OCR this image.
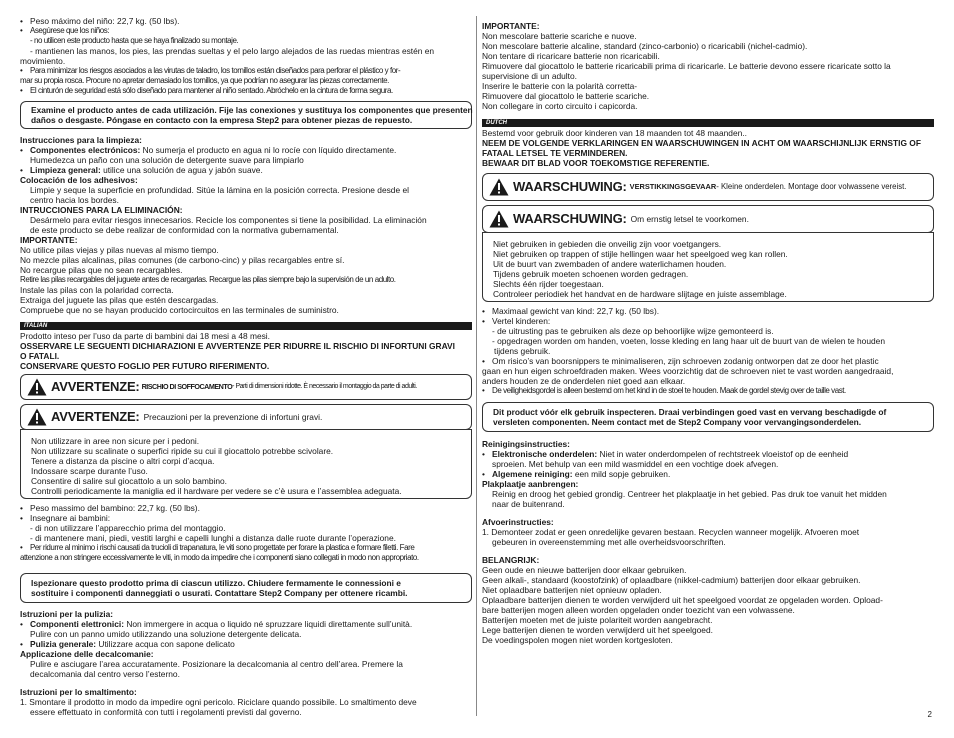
• Peso máximo del niño: 22,7 kg. (50 lbs).
• Asegúrese que los niños:
- no utilicen este producto hasta que se haya finalizado su montaje.
- mantienen las manos, los pies, las prendas sueltas y el pelo largo alejados de las ruedas mientras estén en
movimiento.
• Para minimizar los riesgos asociados a las virutas de taladro, los tornillos están diseñados para perforar el plástico y for-
mar su propia rosca. Procure no apretar demasiado los tornillos, ya que podrían no asegurar las piezas correctamente.
• El cinturón de seguridad está sólo diseñado para mantener al niño sentado. Abróchelo en la cintura de forma segura.
Examine el producto antes de cada utilización. Fije las conexiones y sustituya los componentes que presenten
daños o desgaste. Póngase en contacto con la empresa Step2 para obtener piezas de repuesto.
Instrucciones para la limpieza:
• Componentes electrónicos: No sumerja el producto en agua ni lo rocíe con líquido directamente.
Humedezca un paño con una solución de detergente suave para limpiarlo
• Limpieza general: utilice una solución de agua y jabón suave.
Colocación de los adhesivos:
Limpie y seque la superficie en profundidad. Sitúe la lámina en la posición correcta. Presione desde el
centro hacia los bordes.
INTRUCCIONES PARA LA ELIMINACIÓN:
Desármelo para evitar riesgos innecesarios. Recicle los componentes si tiene la posibilidad. La eliminación
de este producto se debe realizar de conformidad con la normativa gubernamental.
IMPORTANTE:
No utilice pilas viejas y pilas nuevas al mismo tiempo.
No mezcle pilas alcalinas, pilas comunes (de carbono-cinc) y pilas recargables entre sí.
No recargue pilas que no sean recargables.
Retire las pilas recargables del juguete antes de recargarlas. Recargue las pilas siempre bajo la supervisión de un adulto.
Instale las pilas con la polaridad correcta.
Extraiga del juguete las pilas que estén descargadas.
Compruebe que no se hayan producido cortocircuitos en las terminales de suministro.
ITALIAN
Prodotto inteso per l’uso da parte di bambini dai 18 mesi a 48 mesi.
OSSERVARE LE SEGUENTI DICHIARAZIONI E AVVERTENZE PER RIDURRE IL RISCHIO DI INFORTUNI GRAVI
O FATALI.
CONSERVARE QUESTO FOGLIO PER FUTURO RIFERIMENTO.
AVVERTENZE: RISCHIO DI SOFFOCAMENTO - Parti di dimensioni ridotte. È necessario il montaggio da parte di adulti.
AVVERTENZE: Precauzioni per la prevenzione di infortuni gravi.
Non utilizzare in aree non sicure per i pedoni.
Non utilizzare su scalinate o superfici ripide su cui il giocattolo potrebbe scivolare.
Tenere a distanza da piscine o altri corpi d’acqua.
Indossare scarpe durante l’uso.
Consentire di salire sul giocattolo a un solo bambino.
Controlli periodicamente la maniglia ed il hardware per vedere se c’è usura e l’assemblea adeguata.
• Peso massimo del bambino: 22,7 kg. (50 lbs).
• Insegnare ai bambini:
- di non utilizzare l’apparecchio prima del montaggio.
- di mantenere mani, piedi, vestiti larghi e capelli lunghi a distanza dalle ruote durante l’operazione.
• Per ridurre al minimo i rischi causati da trucioli di trapanatura, le viti sono progettate per forare la plastica e formare filetti. Fare
attenzione a non stringere eccessivamente le viti, in modo da impedire che i componenti siano collegati in modo non appropriato.
Ispezionare questo prodotto prima di ciascun utilizzo. Chiudere fermamente le connessioni e
sostituire i componenti danneggiati o usurati. Contattare Step2 Company per ottenere ricambi.
Istruzioni per la pulizia:
• Componenti elettronici: Non immergere in acqua o liquido né spruzzare liquidi direttamente sull’unità.
Pulire con un panno umido utilizzando una soluzione detergente delicata.
• Pulizia generale: Utilizzare acqua con sapone delicato
Applicazione delle decalcomanie:
Pulire e asciugare l’area accuratamente. Posizionare la decalcomania al centro dell’area. Premere la
decalcomania dal centro verso l’esterno.
Istruzioni per lo smaltimento:
1. Smontare il prodotto in modo da impedire ogni pericolo. Riciclare quando possibile. Lo smaltimento deve
essere effettuato in conformità con tutti i regolamenti previsti dal governo.
IMPORTANTE:
Non mescolare batterie scariche e nuove.
Non mescolare batterie alcaline, standard (zinco-carbonio) o ricaricabili (nichel-cadmio).
Non tentare di ricaricare batterie non ricaricabili.
Rimuovere dal giocattolo le batterie ricaricabili prima di ricaricarle. Le batterie devono essere ricaricate sotto la
supervisione di un adulto.
Inserire le batterie con la polarità corretta-
Rimuovere dal giocattolo le batterie scariche.
Non collegare in corto circuito i capicorda.
DUTCH
Bestemd voor gebruik door kinderen van 18 maanden tot 48 maanden..
NEEM DE VOLGENDE VERKLARINGEN EN WAARSCHUWINGEN IN ACHT OM WAARSCHIJNLIJK ERNSTIG OF
FATAAL LETSEL TE VERMINDEREN.
BEWAAR DIT BLAD VOOR TOEKOMSTIGE REFERENTIE.
WAARSCHUWING: VERSTIKKINGSGEVAAR - Kleine onderdelen. Montage door volwassene vereist.
WAARSCHUWING: Om ernstig letsel te voorkomen.
Niet gebruiken in gebieden die onveilig zijn voor voetgangers.
Niet gebruiken op trappen of stijle hellingen waar het speelgoed weg kan rollen.
Uit de buurt van zwembaden of andere waterlichamen houden.
Tijdens gebruik moeten schoenen worden gedragen.
Slechts één rijder toegestaan.
Controleer periodiek het handvat en de hardware slijtage en juiste assemblage.
• Maximaal gewicht van kind: 22,7 kg. (50 lbs).
• Vertel kinderen:
- de uitrusting pas te gebruiken als deze op behoorlijke wijze gemonteerd is.
- opgedragen worden om handen, voeten, losse kleding en lang haar uit de buurt van de wielen te houden
tijdens gebruik.
• Om risico’s van boorsnippers te minimaliseren, zijn schroeven zodanig ontworpen dat ze door het plastic
gaan en hun eigen schroefdraden maken. Wees voorzichtig dat de schroeven niet te vast worden aangedraaid,
anders houden ze de onderdelen niet goed aan elkaar.
• De veiligheidsgordel is alleen bestemd om het kind in de stoel te houden. Maak de gordel stevig over de taille vast.
Dit product vóór elk gebruik inspecteren. Draai verbindingen goed vast en vervang beschadigde of
versleten componenten. Neem contact met de Step2 Company voor vervangingsonderdelen.
Reinigingsinstructies:
• Elektronische onderdelen: Niet in water onderdompelen of rechtstreek vloeistof op de eenheid
sproeien. Met behulp van een mild wasmiddel en een vochtige doek afvegen.
• Algemene reiniging: een mild sopje gebruiken.
Plakplaatje aanbrengen:
Reinig en droog het gebied grondig. Centreer het plakplaatje in het gebied. Pas druk toe vanuit het midden
naar de buitenrand.
Afvoerinstructies:
1. Demonteer zodat er geen onredelijke gevaren bestaan. Recyclen wanneer mogelijk. Afvoeren moet
gebeuren in overeenstemming met alle overheidsvoorschriften.
BELANGRIJK:
Geen oude en nieuwe batterijen door elkaar gebruiken.
Geen alkali-, standaard (koostofzink) of oplaadbare (nikkel-cadmium) batterijen door elkaar gebruiken.
Niet oplaadbare batterijen niet opnieuw opladen.
Oplaadbare batterijen dienen te worden verwijderd uit het speelgoed voordat ze opgeladen worden. Opload-
bare batterijen mogen alleen worden opgeladen onder toezicht van een volwassene.
Batterijen moeten met de juiste polariteit worden aangebracht.
Lege batterijen dienen te worden verwijderd uit het speelgoed.
De voedingspolen mogen niet worden kortgesloten.
2
